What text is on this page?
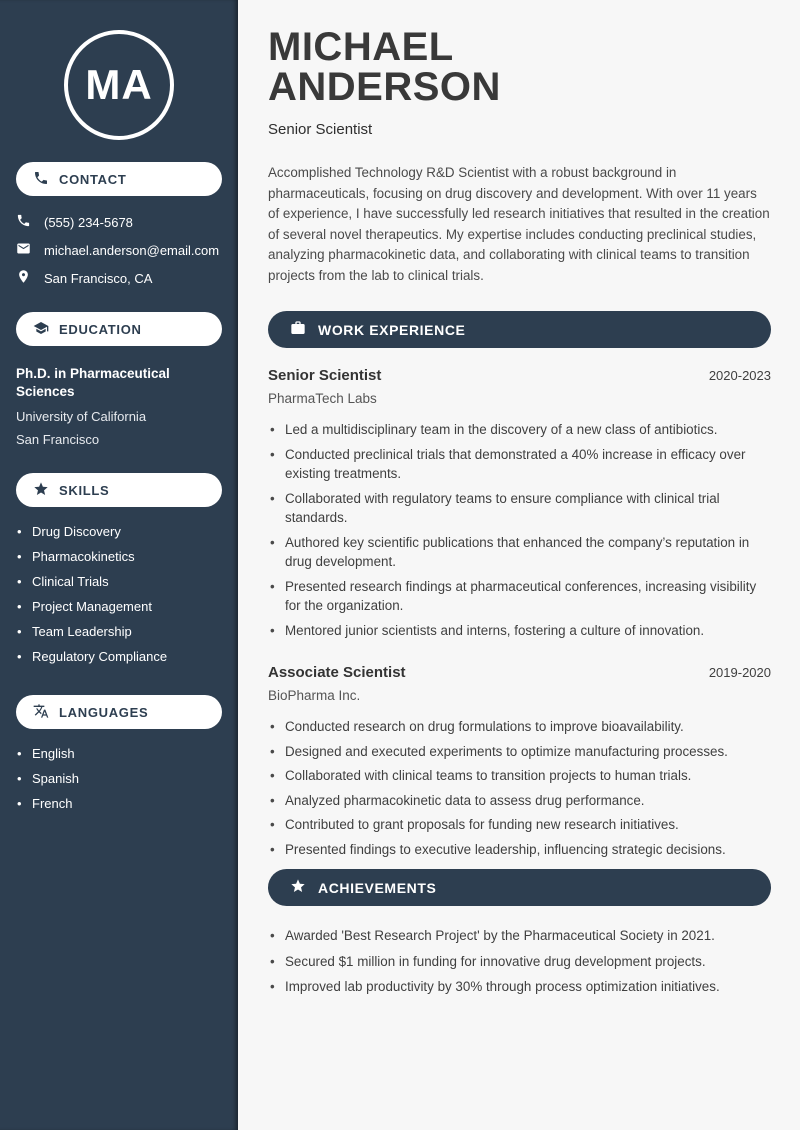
MA
CONTACT
(555) 234-5678
michael.anderson@email.com
San Francisco, CA
EDUCATION
Ph.D. in Pharmaceutical Sciences
University of California
San Francisco
SKILLS
• Drug Discovery
• Pharmacokinetics
• Clinical Trials
• Project Management
• Team Leadership
• Regulatory Compliance
LANGUAGES
• English
• Spanish
• French
MICHAEL
ANDERSON
Senior Scientist

Accomplished Technology R&D Scientist with a robust background in pharmaceuticals, focusing on drug discovery and development. With over 11 years of experience, I have successfully led research initiatives that resulted in the creation of several novel therapeutics. My expertise includes conducting preclinical studies, analyzing pharmacokinetic data, and collaborating with clinical teams to transition projects from the lab to clinical trials.

WORK EXPERIENCE
Senior Scientist	2020-2023
PharmaTech Labs
• Led a multidisciplinary team in the discovery of a new class of antibiotics.
• Conducted preclinical trials that demonstrated a 40% increase in efficacy over existing treatments.
• Collaborated with regulatory teams to ensure compliance with clinical trial standards.
• Authored key scientific publications that enhanced the company’s reputation in drug development.
• Presented research findings at pharmaceutical conferences, increasing visibility for the organization.
• Mentored junior scientists and interns, fostering a culture of innovation.
Associate Scientist	2019-2020
BioPharma Inc.
• Conducted research on drug formulations to improve bioavailability.
• Designed and executed experiments to optimize manufacturing processes.
• Collaborated with clinical teams to transition projects to human trials.
• Analyzed pharmacokinetic data to assess drug performance.
• Contributed to grant proposals for funding new research initiatives.
• Presented findings to executive leadership, influencing strategic decisions.
ACHIEVEMENTS
• Awarded 'Best Research Project' by the Pharmaceutical Society in 2021.
• Secured $1 million in funding for innovative drug development projects.
• Improved lab productivity by 30% through process optimization initiatives.
